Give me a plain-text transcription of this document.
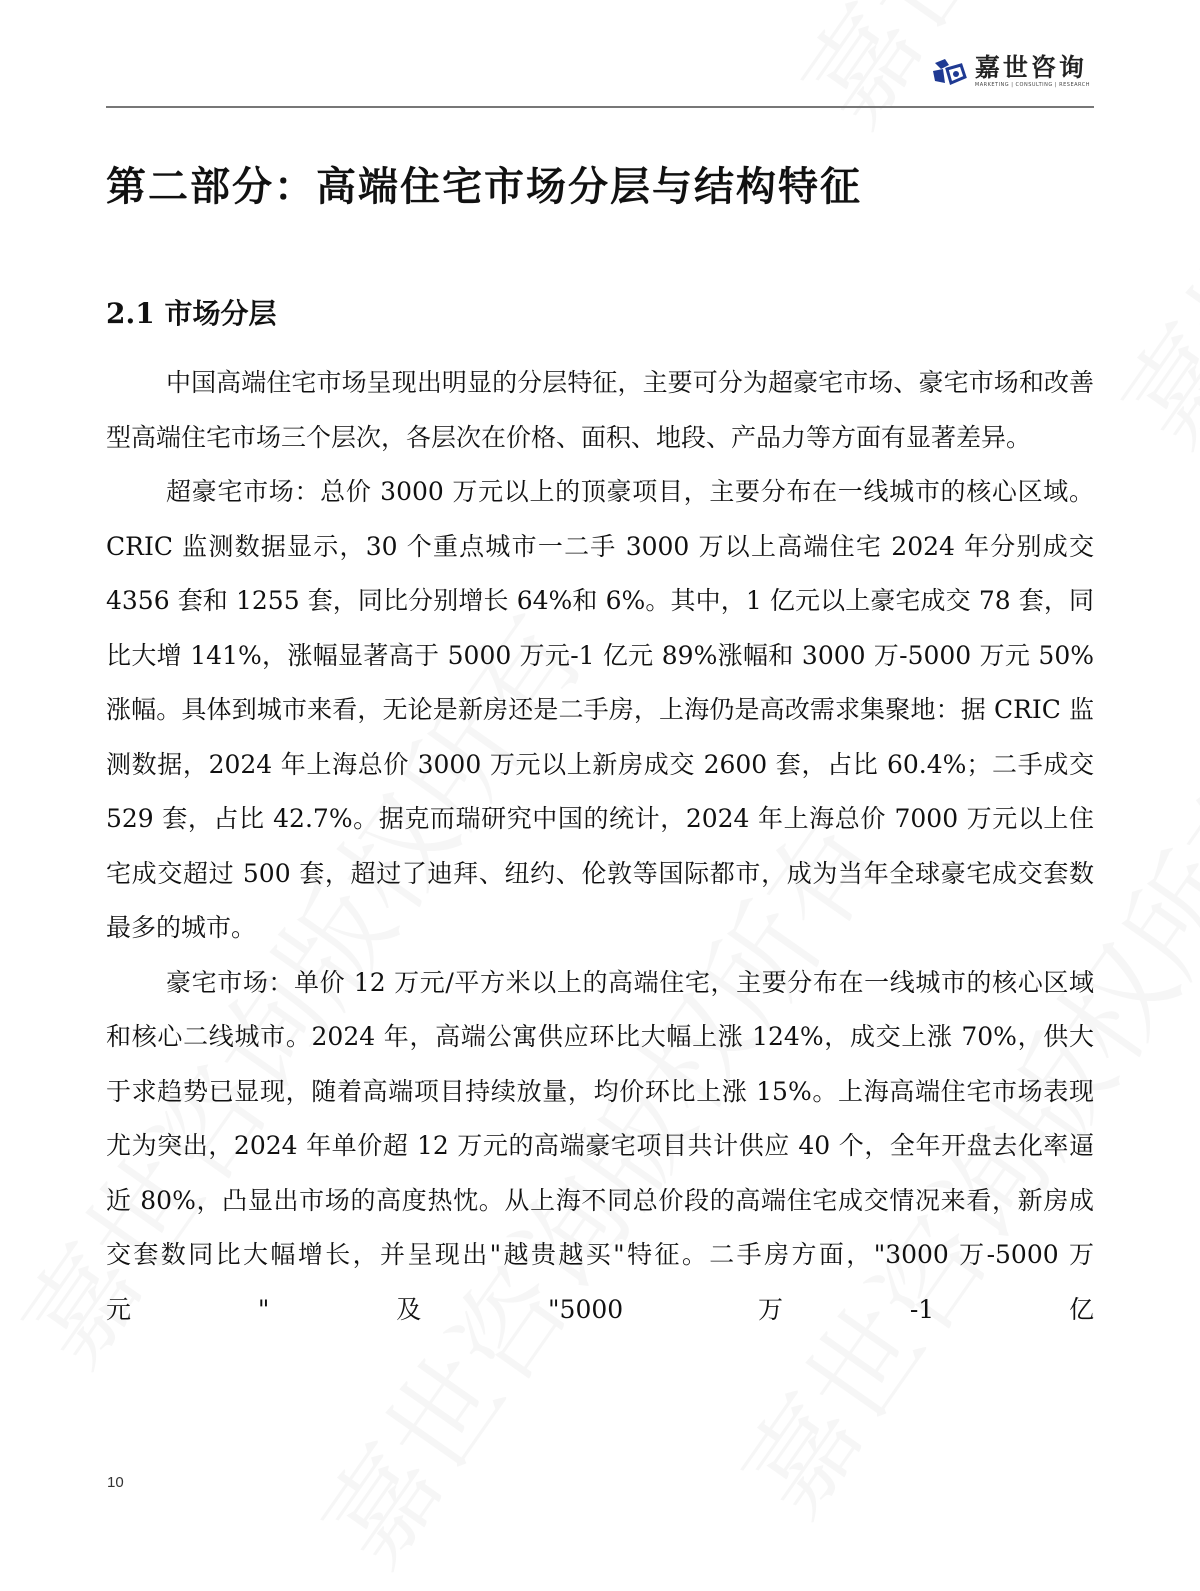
嘉世咨询
MARKETING | CONSULTING | RESEARCH
第二部分：高端住宅市场分层与结构特征
2.1 市场分层

中国高端住宅市场呈现出明显的分层特征，主要可分为超豪宅市场、豪宅市场和改善型高端住宅市场三个层次，各层次在价格、面积、地段、产品力等方面有显著差异。

超豪宅市场：总价 3000 万元以上的顶豪项目，主要分布在一线城市的核心区域。CRIC 监测数据显示，30 个重点城市一二手 3000 万以上高端住宅 2024 年分别成交 4356 套和 1255 套，同比分别增长 64%和 6%。其中，1 亿元以上豪宅成交 78 套，同比大增 141%，涨幅显著高于 5000 万元-1 亿元 89%涨幅和 3000 万-5000 万元 50%涨幅。具体到城市来看，无论是新房还是二手房，上海仍是高改需求集聚地：据 CRIC 监测数据，2024 年上海总价 3000 万元以上新房成交 2600 套，占比 60.4%；二手成交 529 套，占比 42.7%。据克而瑞研究中国的统计，2024 年上海总价 7000 万元以上住宅成交超过 500 套，超过了迪拜、纽约、伦敦等国际都市，成为当年全球豪宅成交套数最多的城市。

豪宅市场：单价 12 万元/平方米以上的高端住宅，主要分布在一线城市的核心区域和核心二线城市。2024 年，高端公寓供应环比大幅上涨 124%，成交上涨 70%，供大于求趋势已显现，随着高端项目持续放量，均价环比上涨 15%。上海高端住宅市场表现尤为突出，2024 年单价超 12 万元的高端豪宅项目共计供应 40 个，全年开盘去化率逼近 80%，凸显出市场的高度热忱。从上海不同总价段的高端住宅成交情况来看，新房成交套数同比大幅增长，并呈现出"越贵越买"特征。二手房方面，"3000 万-5000 万元"及"5000 万-1 亿

10
